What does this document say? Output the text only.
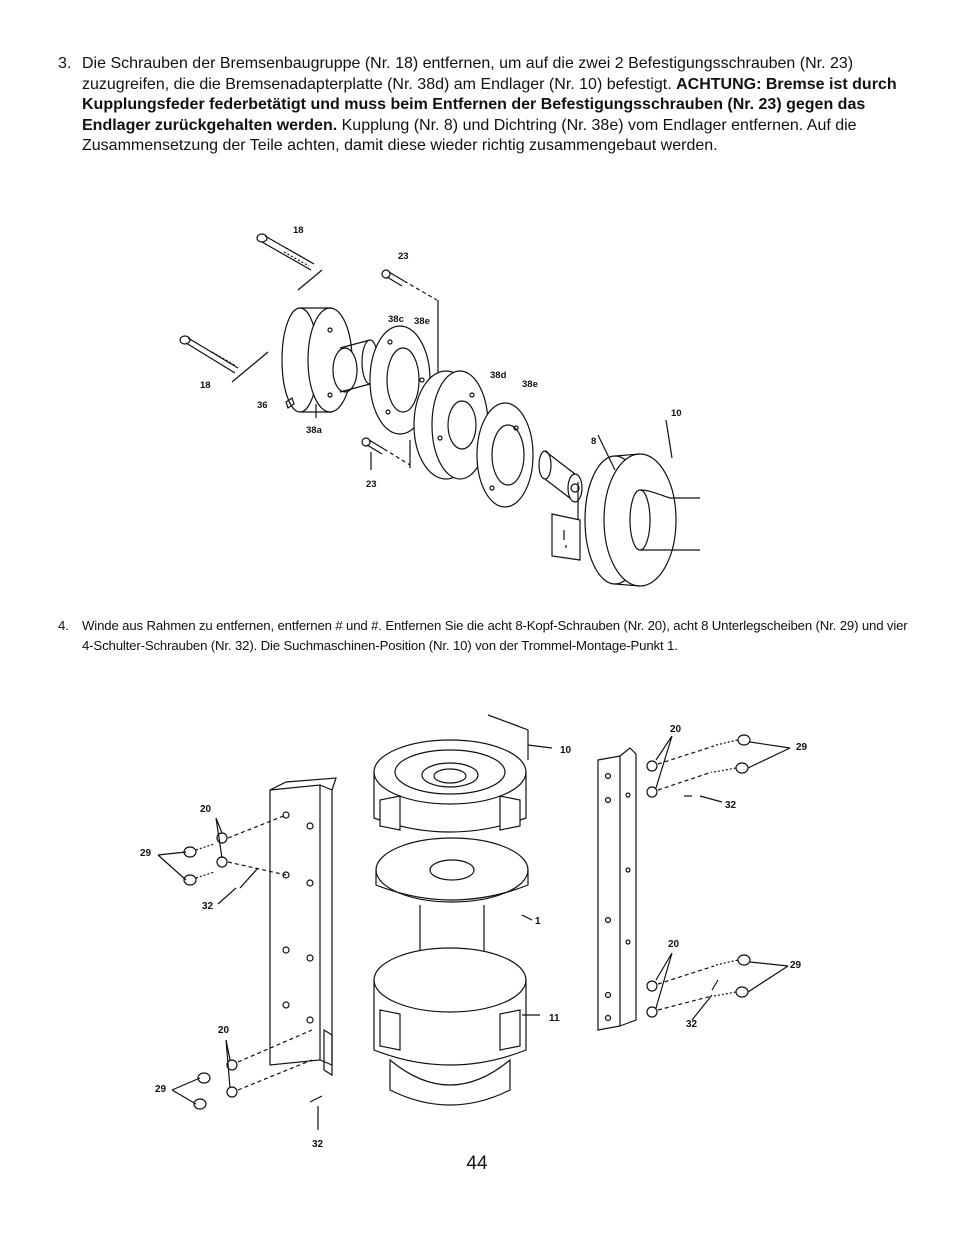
3. Die Schrauben der Bremsenbaugruppe (Nr. 18) entfernen, um auf die zwei 2 Befestigungsschrauben (Nr. 23) zuzugreifen, die die Bremsenadapterplatte (Nr. 38d) am Endlager (Nr. 10) befestigt. ACHTUNG: Bremse ist durch Kupplungsfeder federbetätigt und muss beim Entfernen der Befestigungsschrauben (Nr. 23) gegen das Endlager zurückgehalten werden. Kupplung (Nr. 8) und Dichtring (Nr. 38e) vom Endlager entfernen. Auf die Zusammensetzung der Teile achten, damit diese wieder richtig zusammengebaut werden.
18
23
38c 38e
18
36
38a
38d
38e
10
8
23
4. Winde aus Rahmen zu entfernen, entfernen # und #. Entfernen Sie die acht 8-Kopf-Schrauben (Nr. 20), acht 8 Unterlegscheiben (Nr. 29) und vier 4-Schulter-Schrauben (Nr. 32). Die Suchmaschinen-Position (Nr. 10) von der Trommel-Montage-Punkt 1.
10
20
29
32
20
29
32
1
20
29
32
11
20
29
32
44
